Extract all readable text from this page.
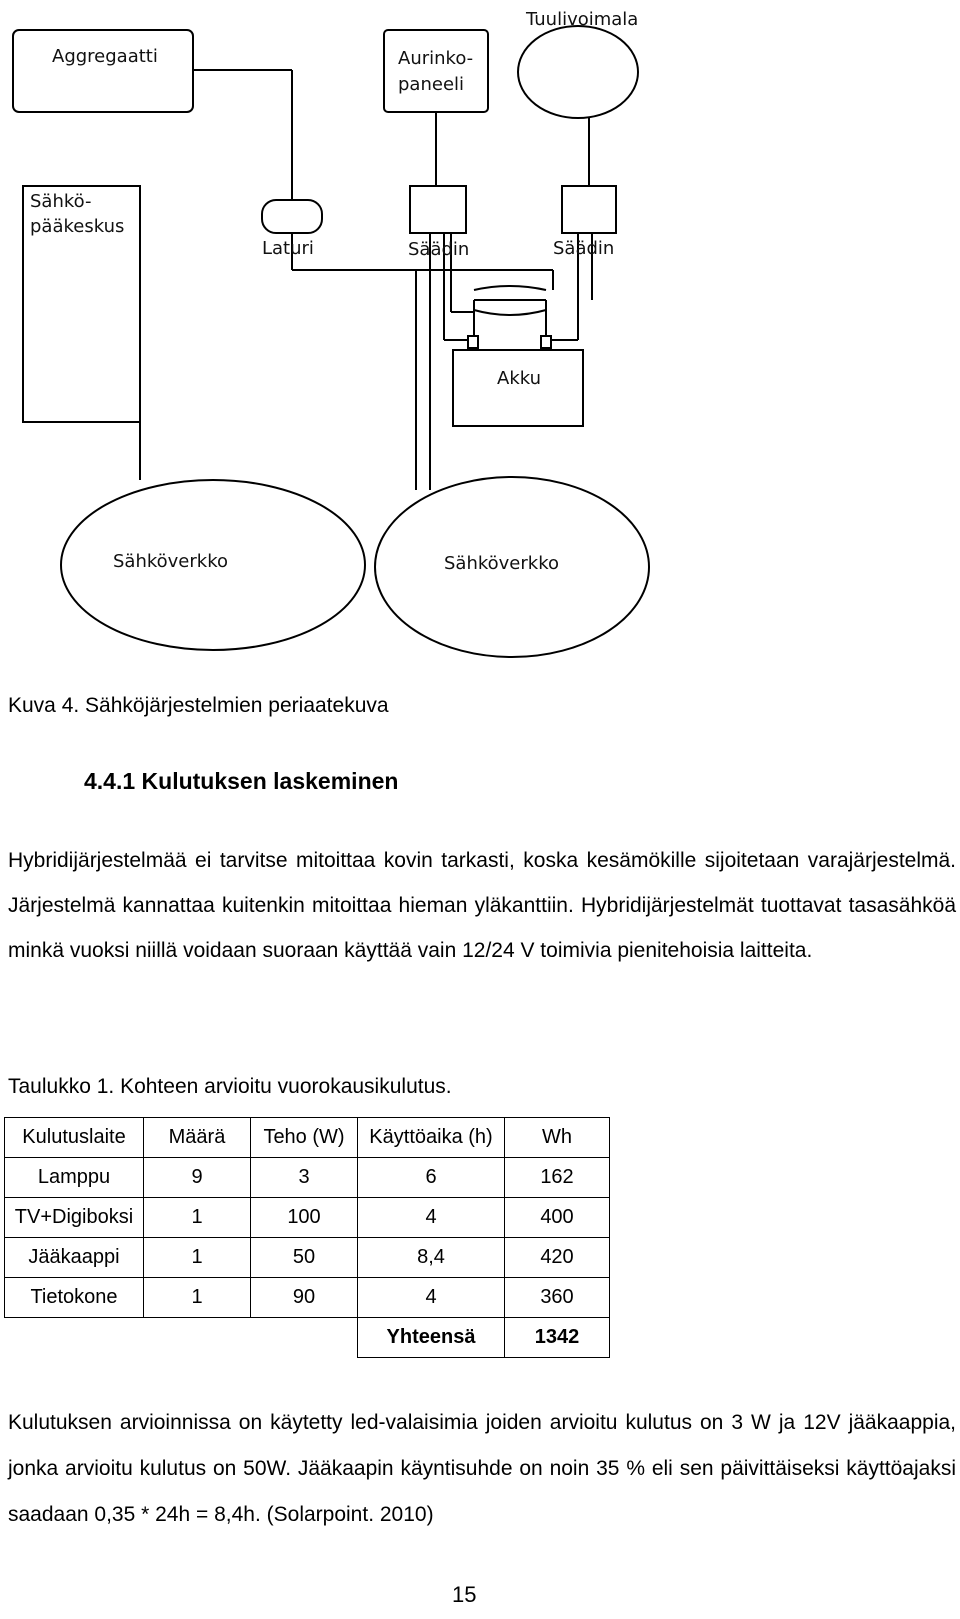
Aggregaatti	Aurinko-
paneeli
Tuulivoimala
Sähkö-
pääkeskus
Laturi	Säädin	Säädin
Akku
Sähköverkko	Sähköverkko
Kuva 4. Sähköjärjestelmien periaatekuva
4.4.1 Kulutuksen laskeminen

Hybridijärjestelmää ei tarvitse mitoittaa kovin tarkasti, koska kesämökille sijoitetaan varajärjestelmä. Järjestelmä kannattaa kuitenkin mitoittaa hieman yläkanttiin. Hybridijärjestelmät tuottavat tasasähköä minkä vuoksi niillä voidaan suoraan käyttää vain 12/24 V toimivia pienitehoisia laitteita.

Taulukko 1. Kohteen arvioitu vuorokausikulutus.
Kulutuslaite	Määrä	Teho (W)	Käyttöaika (h)	Wh
Lamppu	9	3	6	162
TV+Digiboksi	1	100	4	400
Jääkaappi	1	50	8,4	420
Tietokone	1	90	4	360
			Yhteensä	1342

Kulutuksen arvioinnissa on käytetty led-valaisimia joiden arvioitu kulutus on 3 W ja 12V jääkaappia, jonka arvioitu kulutus on 50W. Jääkaapin käyntisuhde on noin 35 % eli sen päivittäiseksi käyttöajaksi saadaan 0,35 * 24h = 8,4h. (Solarpoint. 2010)

15
